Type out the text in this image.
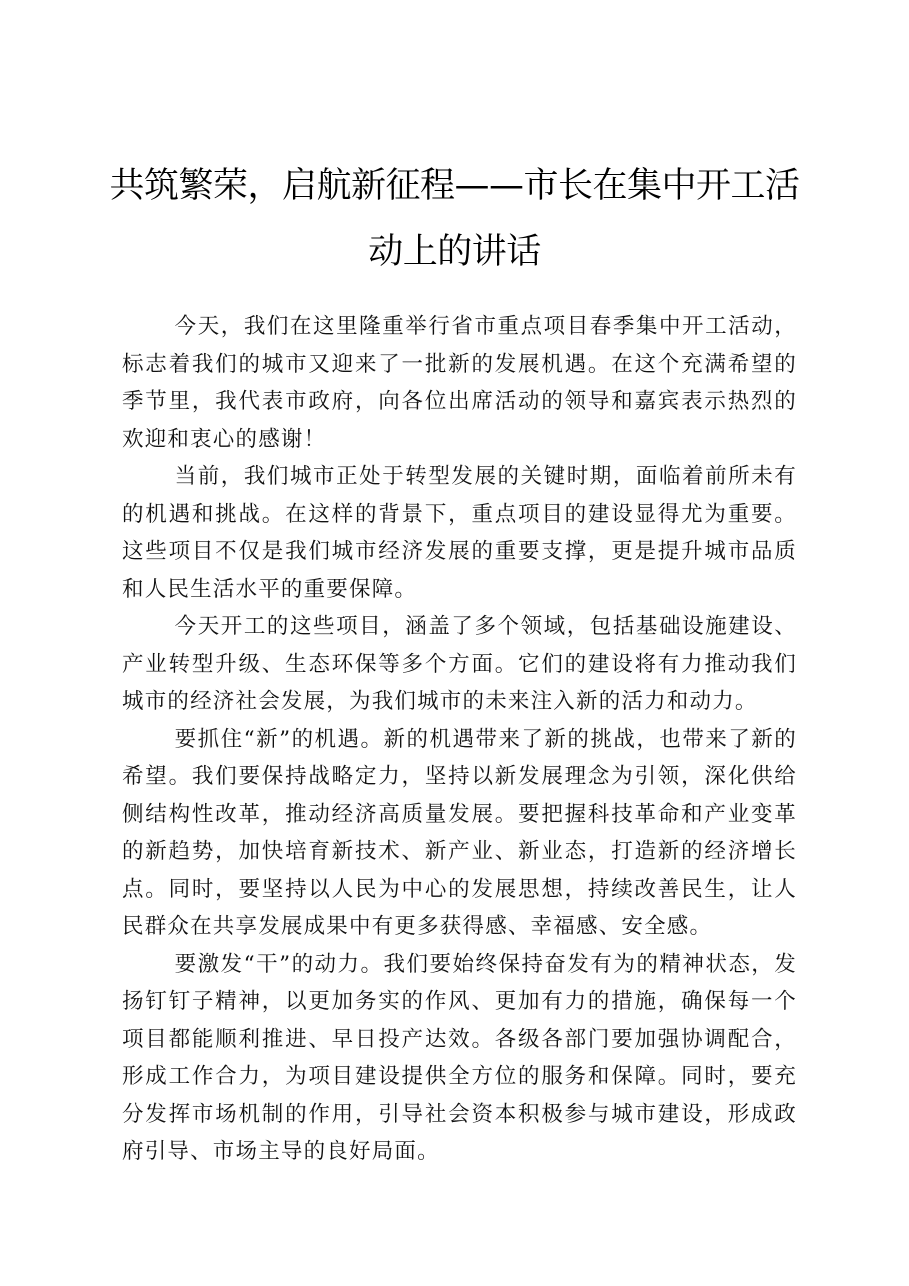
共筑繁荣，启航新征程——市长在集中开工活动上的讲话

今天，我们在这里隆重举行省市重点项目春季集中开工活动，标志着我们的城市又迎来了一批新的发展机遇。在这个充满希望的季节里，我代表市政府，向各位出席活动的领导和嘉宾表示热烈的欢迎和衷心的感谢！

当前，我们城市正处于转型发展的关键时期，面临着前所未有的机遇和挑战。在这样的背景下，重点项目的建设显得尤为重要。这些项目不仅是我们城市经济发展的重要支撑，更是提升城市品质和人民生活水平的重要保障。

今天开工的这些项目，涵盖了多个领域，包括基础设施建设、产业转型升级、生态环保等多个方面。它们的建设将有力推动我们城市的经济社会发展，为我们城市的未来注入新的活力和动力。

要抓住“新”的机遇。新的机遇带来了新的挑战，也带来了新的希望。我们要保持战略定力，坚持以新发展理念为引领，深化供给侧结构性改革，推动经济高质量发展。要把握科技革命和产业变革的新趋势，加快培育新技术、新产业、新业态，打造新的经济增长点。同时，要坚持以人民为中心的发展思想，持续改善民生，让人民群众在共享发展成果中有更多获得感、幸福感、安全感。

要激发“干”的动力。我们要始终保持奋发有为的精神状态，发扬钉钉子精神，以更加务实的作风、更加有力的措施，确保每一个项目都能顺利推进、早日投产达效。各级各部门要加强协调配合，形成工作合力，为项目建设提供全方位的服务和保障。同时，要充分发挥市场机制的作用，引导社会资本积极参与城市建设，形成政府引导、市场主导的良好局面。
